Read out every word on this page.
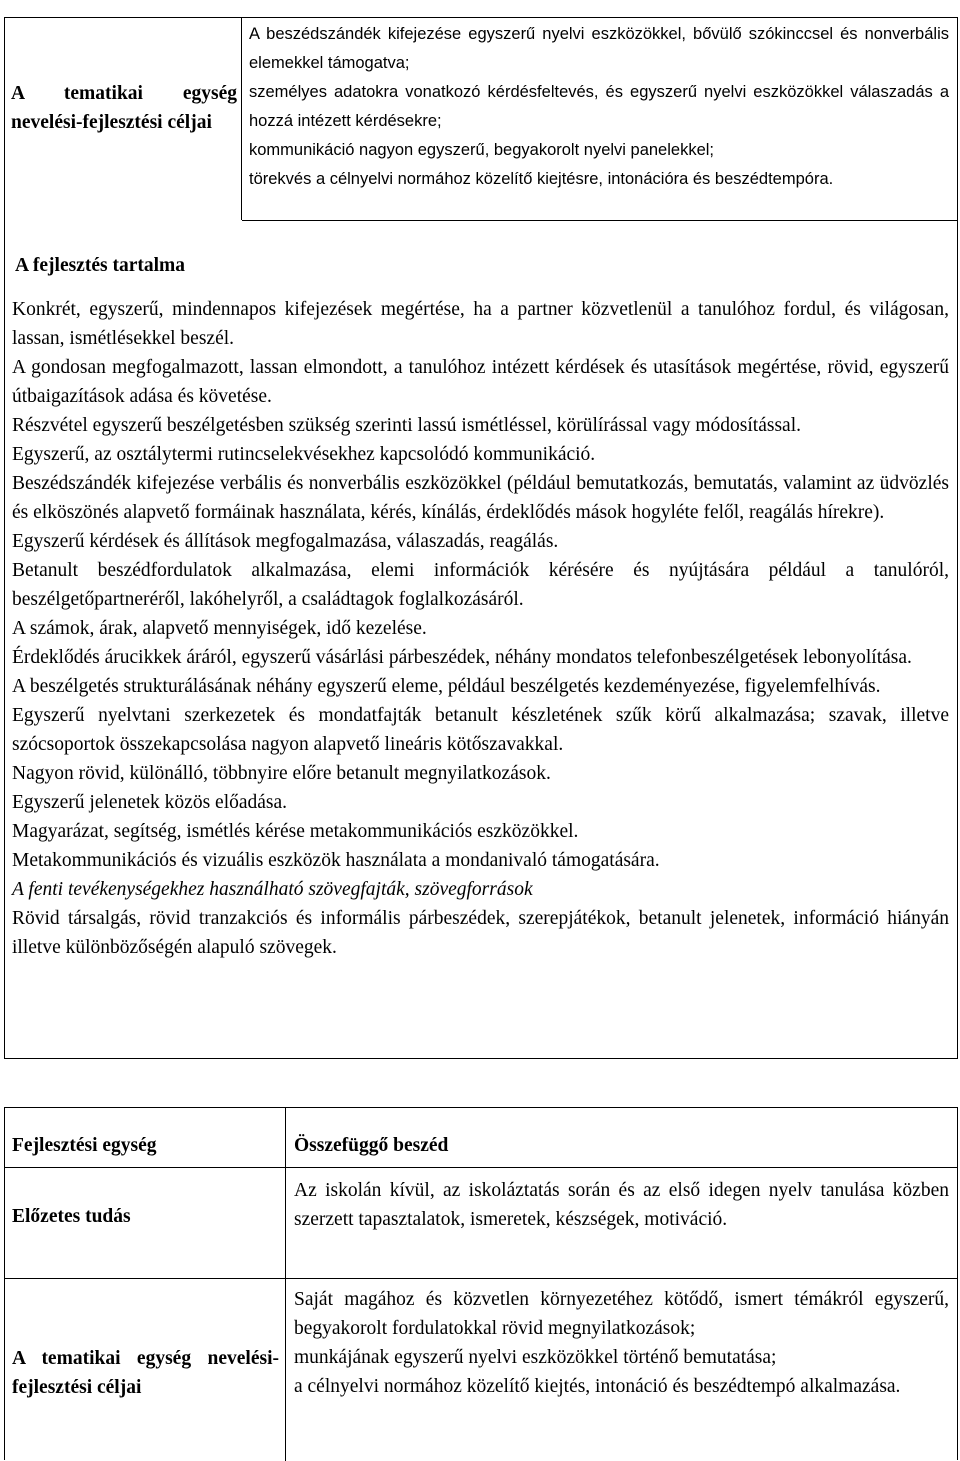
A tematikai egység nevelési-fejlesztési céljai

A beszédszándék kifejezése egyszerű nyelvi eszközökkel, bővülő szókinccsel és nonverbális elemekkel támogatva;

személyes adatokra vonatkozó kérdésfeltevés, és egyszerű nyelvi eszközökkel válaszadás a hozzá intézett kérdésekre;

kommunikáció nagyon egyszerű, begyakorolt nyelvi panelekkel;

törekvés a célnyelvi normához közelítő kiejtésre, intonációra és beszédtempóra.

A fejlesztés tartalma

Konkrét, egyszerű, mindennapos kifejezések megértése, ha a partner közvetlenül a tanulóhoz fordul, és világosan, lassan, ismétlésekkel beszél.

A gondosan megfogalmazott, lassan elmondott, a tanulóhoz intézett kérdések és utasítások megértése, rövid, egyszerű útbaigazítások adása és követése.

Részvétel egyszerű beszélgetésben szükség szerinti lassú ismétléssel, körülírással vagy módosítással.

Egyszerű, az osztálytermi rutincselekvésekhez kapcsolódó kommunikáció.

Beszédszándék kifejezése verbális és nonverbális eszközökkel (például bemutatkozás, bemutatás, valamint az üdvözlés és elköszönés alapvető formáinak használata, kérés, kínálás, érdeklődés mások hogyléte felől, reagálás hírekre).

Egyszerű kérdések és állítások megfogalmazása, válaszadás, reagálás.

Betanult beszédfordulatok alkalmazása, elemi információk kérésére és nyújtására például a tanulóról, beszélgetőpartneréről, lakóhelyről, a családtagok foglalkozásáról.

A számok, árak, alapvető mennyiségek, idő kezelése.

Érdeklődés árucikkek áráról, egyszerű vásárlási párbeszédek, néhány mondatos telefonbeszélgetések lebonyolítása.

A beszélgetés strukturálásának néhány egyszerű eleme, például beszélgetés kezdeményezése, figyelemfelhívás.

Egyszerű nyelvtani szerkezetek és mondatfajták betanult készletének szűk körű alkalmazása; szavak, illetve szócsoportok összekapcsolása nagyon alapvető lineáris kötőszavakkal.

Nagyon rövid, különálló, többnyire előre betanult megnyilatkozások.

Egyszerű jelenetek közös előadása.

Magyarázat, segítség, ismétlés kérése metakommunikációs eszközökkel.

Metakommunikációs és vizuális eszközök használata a mondanivaló támogatására.

A fenti tevékenységekhez használható szövegfajták, szövegforrások

Rövid társalgás, rövid tranzakciós és informális párbeszédek, szerepjátékok, betanult jelenetek, információ hiányán illetve különbözőségén alapuló szövegek.

Fejlesztési egység	Összefüggő beszéd
Előzetes tudás

Az iskolán kívül, az iskoláztatás során és az első idegen nyelv tanulása közben szerzett tapasztalatok, ismeretek, készségek, motiváció.

A tematikai egység nevelési-fejlesztési céljai

Saját magához és közvetlen környezetéhez kötődő, ismert témákról egyszerű, begyakorolt fordulatokkal rövid megnyilatkozások;

munkájának egyszerű nyelvi eszközökkel történő bemutatása;

a célnyelvi normához közelítő kiejtés, intonáció és beszédtempó alkalmazása.
